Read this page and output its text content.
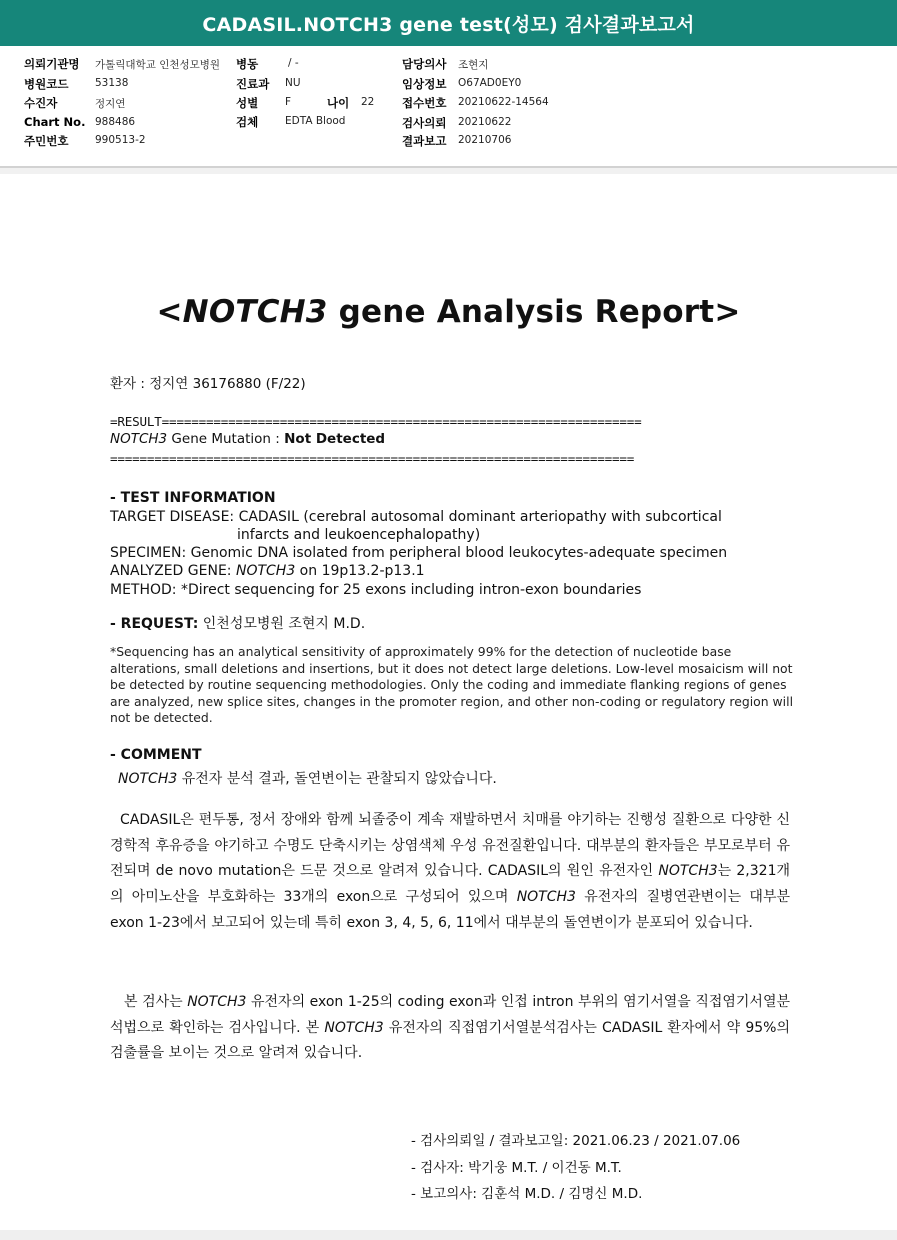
CADASIL.NOTCH3 gene test(성모) 검사결과보고서
의뢰기관명 가톨릭대학교 인천성모병원 병동	/ -	담당의사 조현지
병원코드	53138	진료과 NU	임상정보 O67AD0EY0
수진자	정지연	성별	F	나이 22 접수번호 20210622-14564
Chart No. 988486	검체	EDTA Blood	검사의뢰 20210622
주민번호	990513-2	결과보고 20210706
<NOTCH3 gene Analysis Report>
환자 : 정지연 36176880 (F/22)
=RESULT=================================================================
NOTCH3 Gene Mutation : Not Detected
=======================================================================
- TEST INFORMATION
TARGET DISEASE: CADASIL (cerebral autosomal dominant arteriopathy with subcortical
infarcts and leukoencephalopathy)
SPECIMEN: Genomic DNA isolated from peripheral blood leukocytes-adequate specimen
ANALYZED GENE: NOTCH3 on 19p13.2-p13.1
METHOD: *Direct sequencing for 25 exons including intron-exon boundaries
- REQUEST: 인천성모병원 조현지 M.D.

*Sequencing has an analytical sensitivity of approximately 99% for the detection of nucleotide base alterations, small deletions and insertions, but it does not detect large deletions. Low-level mosaicism will not be detected by routine sequencing methodologies. Only the coding and immediate flanking regions of genes are analyzed, new splice sites, changes in the promoter region, and other non-coding or regulatory region will not be detected.

- COMMENT
NOTCH3 유전자 분석 결과, 돌연변이는 관찰되지 않았습니다.

CADASIL은 편두통, 정서 장애와 함께 뇌졸중이 계속 재발하면서 치매를 야기하는 진행성 질환으로 다양한 신경학적 후유증을 야기하고 수명도 단축시키는 상염색체 우성 유전질환입니다. 대부분의 환자들은 부모로부터 유전되며 de novo mutation은 드문 것으로 알려져 있습니다. CADASIL의 원인 유전자인 NOTCH3는 2,321개의 아미노산을 부호화하는 33개의 exon으로 구성되어 있으며 NOTCH3 유전자의 질병연관변이는 대부분 exon 1-23에서 보고되어 있는데 특히 exon 3, 4, 5, 6, 11에서 대부분의 돌연변이가 분포되어 있습니다.

본 검사는 NOTCH3 유전자의 exon 1-25의 coding exon과 인접 intron 부위의 염기서열을 직접염기서열분석법으로 확인하는 검사입니다. 본 NOTCH3 유전자의 직접염기서열분석검사는 CADASIL 환자에서 약 95%의 검출률을 보이는 것으로 알려져 있습니다.

- 검사의뢰일 / 결과보고일: 2021.06.23 / 2021.07.06
- 검사자: 박기웅 M.T. / 이건동 M.T.
- 보고의사: 김훈석 M.D. / 김명신 M.D.
